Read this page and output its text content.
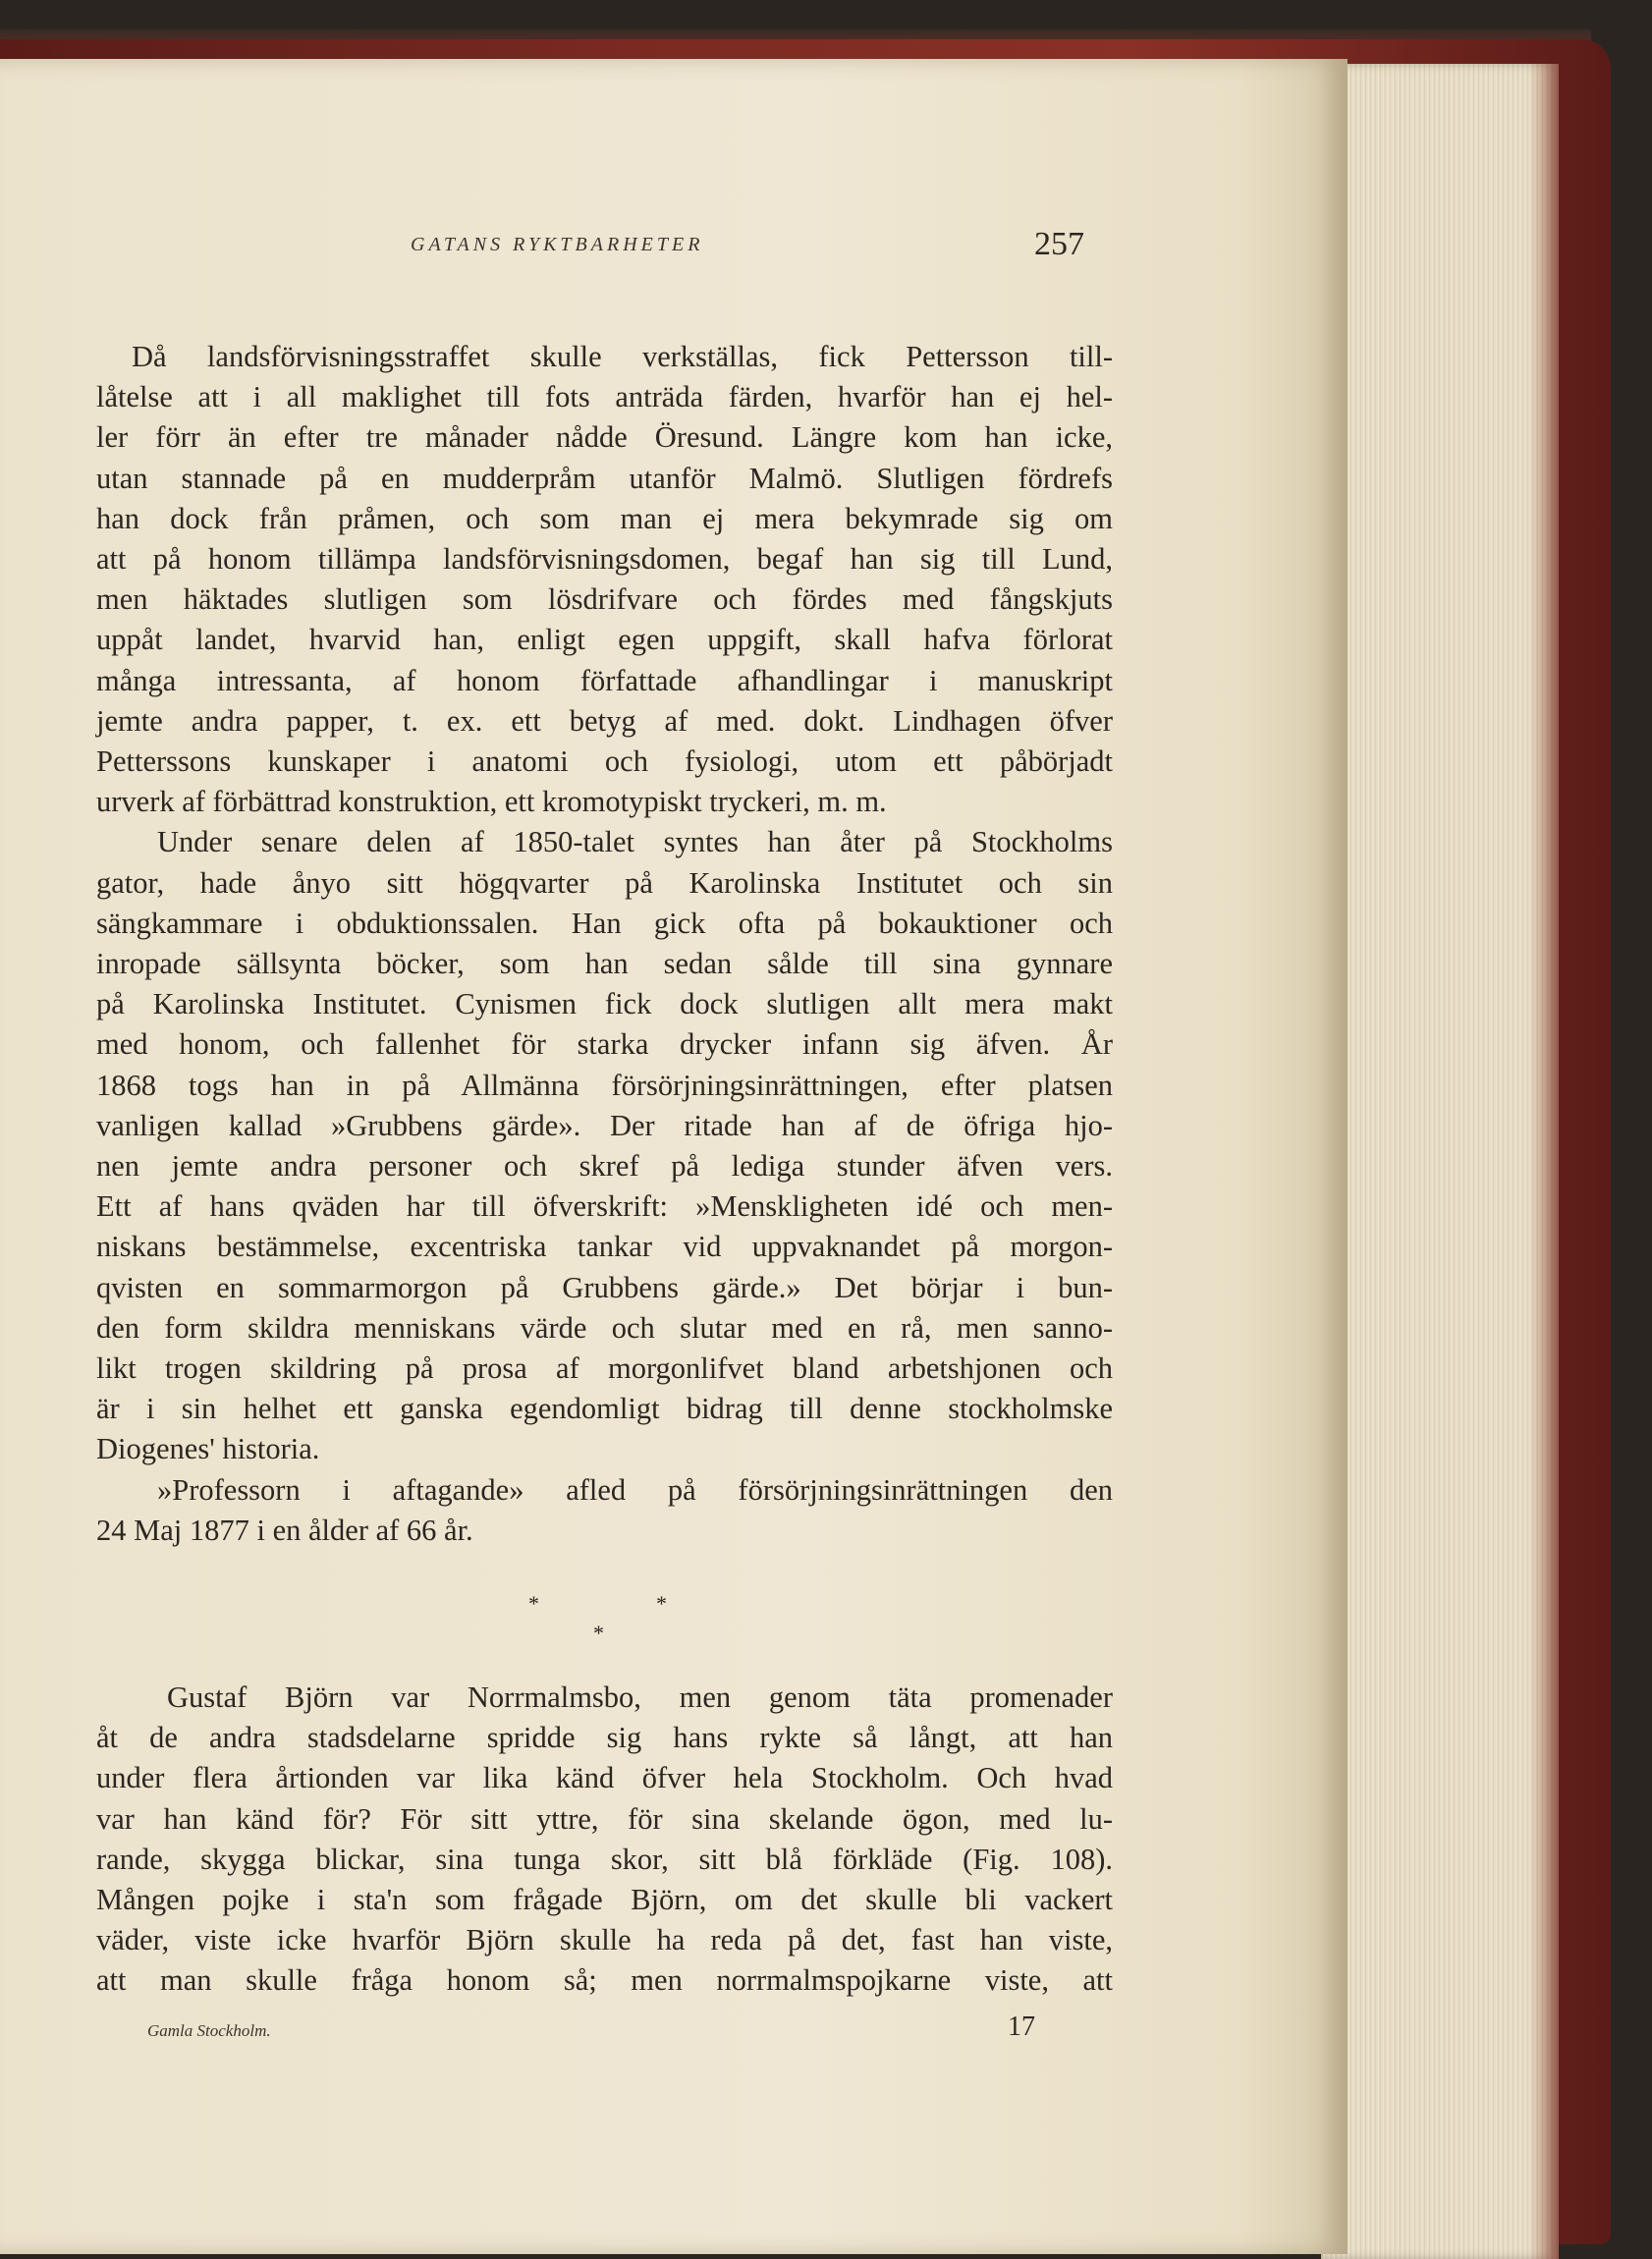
GATANS RYKTBARHETER	257
Då landsförvisningsstraffet skulle verkställas, fick Pettersson till-
låtelse att i all maklighet till fots anträda färden, hvarför han ej hel-
ler förr än efter tre månader nådde Öresund. Längre kom han icke,
utan stannade på en mudderpråm utanför Malmö. Slutligen fördrefs
han dock från pråmen, och som man ej mera bekymrade sig om
att på honom tillämpa landsförvisningsdomen, begaf han sig till Lund,
men häktades slutligen som lösdrifvare och fördes med fångskjuts
uppåt landet, hvarvid han, enligt egen uppgift, skall hafva förlorat
många intressanta, af honom författade afhandlingar i manuskript
jemte andra papper, t. ex. ett betyg af med. dokt. Lindhagen öfver
Petterssons kunskaper i anatomi och fysiologi, utom ett påbörjadt
urverk af förbättrad konstruktion, ett kromotypiskt tryckeri, m. m.
Under senare delen af 1850-talet syntes han åter på Stockholms
gator, hade ånyo sitt högqvarter på Karolinska Institutet och sin
sängkammare i obduktionssalen. Han gick ofta på bokauktioner och
inropade sällsynta böcker, som han sedan sålde till sina gynnare
på Karolinska Institutet. Cynismen fick dock slutligen allt mera makt
med honom, och fallenhet för starka drycker infann sig äfven. År
1868 togs han in på Allmänna försörjningsinrättningen, efter platsen
vanligen kallad »Grubbens gärde». Der ritade han af de öfriga hjo-
nen jemte andra personer och skref på lediga stunder äfven vers.
Ett af hans qväden har till öfverskrift: »Menskligheten idé och men-
niskans bestämmelse, excentriska tankar vid uppvaknandet på morgon-
qvisten en sommarmorgon på Grubbens gärde.» Det börjar i bun-
den form skildra menniskans värde och slutar med en rå, men sanno-
likt trogen skildring på prosa af morgonlifvet bland arbetshjonen och
är i sin helhet ett ganska egendomligt bidrag till denne stockholmske
Diogenes' historia.
»Professorn i aftagande» afled på försörjningsinrättningen den
24 Maj 1877 i en ålder af 66 år.
*	*
*
Gustaf Björn var Norrmalmsbo, men genom täta promenader
åt de andra stadsdelarne spridde sig hans rykte så långt, att han
under flera årtionden var lika känd öfver hela Stockholm. Och hvad
var han känd för? För sitt yttre, för sina skelande ögon, med lu-
rande, skygga blickar, sina tunga skor, sitt blå förkläde (Fig. 108).
Mången pojke i sta'n som frågade Björn, om det skulle bli vackert
väder, viste icke hvarför Björn skulle ha reda på det, fast han viste,
att man skulle fråga honom så; men norrmalmspojkarne viste, att
Gamla Stockholm.	17
